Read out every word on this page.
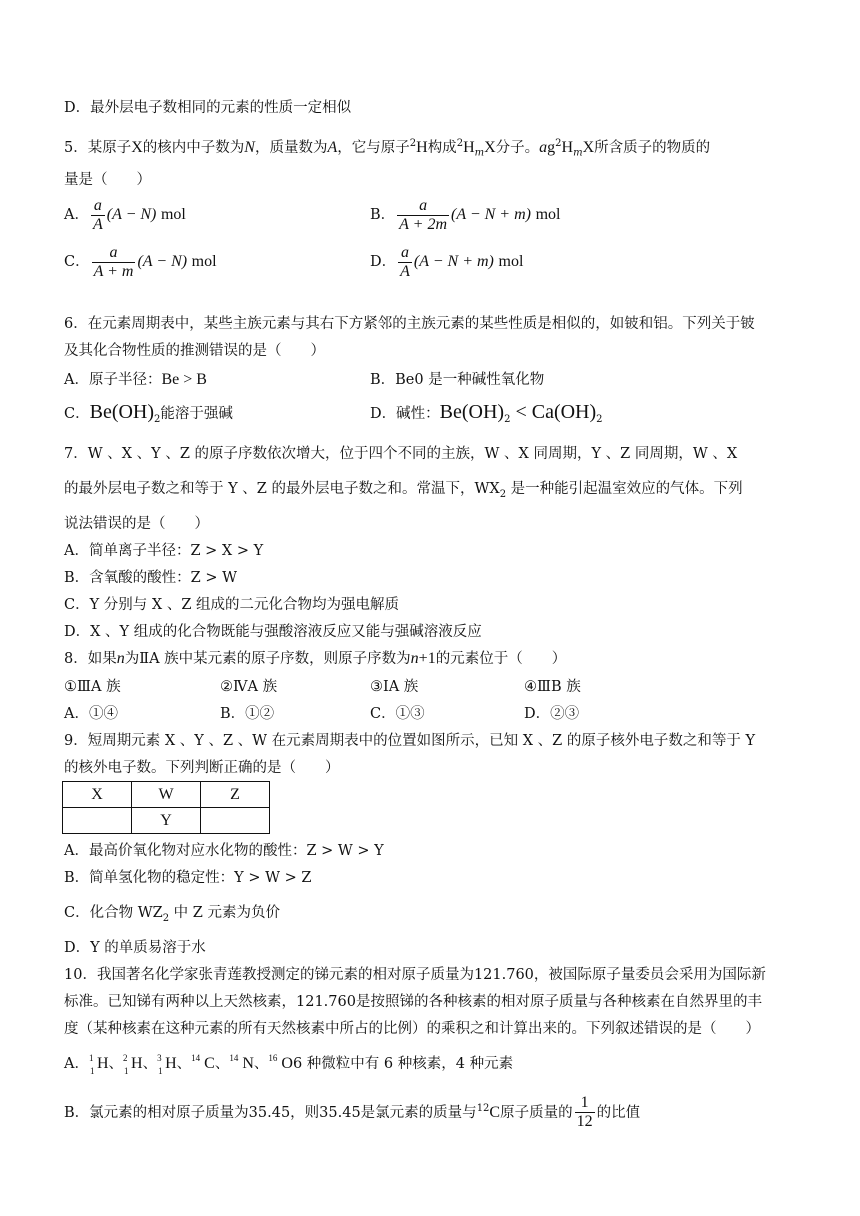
D．最外层电子数相同的元素的性质一定相似
5．某原子X的核内中子数为N，质量数为A，它与原子$^2$H构成$^2H_mX$分子。$ag^2H_mX$所含质子的物质的
量是（　　）
A． $\frac{a}{A} (A - N)$ mol	B． $\frac{a}{A + 2m} (A - N + m)$ mol
C． $\frac{a}{A + m} (A - N)$ mol	D． $\frac{a}{A} (A - N + m)$ mol
6．在元素周期表中，某些主族元素与其右下方紧邻的主族元素的某些性质是相似的，如铍和铝。下列关于铍
及其化合物性质的推测错误的是（　　）
A．原子半径：Be > B	B．Be0 是一种碱性氧化物
C．$Be(OH)_2$能溶于强碱	D．碱性：$Be(OH)_2 < Ca(OH)_2$
7．W 、X 、Y 、Z 的原子序数依次增大，位于四个不同的主族，W 、X 同周期，Y 、Z 同周期，W 、X
的最外层电子数之和等于 Y 、Z 的最外层电子数之和。常温下，$WX_2$ 是一种能引起温室效应的气体。下列
说法错误的是（　　）
A．简单离子半径：Z > X > Y
B．含氧酸的酸性：Z > W
C．Y 分别与 X 、Z 组成的二元化合物均为强电解质
D．X 、Y 组成的化合物既能与强酸溶液反应又能与强碱溶液反应
8．如果n为ⅡA 族中某元素的原子序数，则原子序数为n+1的元素位于（　　）
①ⅢA 族	②ⅣA 族	③ⅠA 族	④ⅢB 族
A．①④	B．①②	C．①③	D．②③
9．短周期元素 X 、Y 、Z 、W 在元素周期表中的位置如图所示，已知 X 、Z 的原子核外电子数之和等于 Y
X	W	Z
	Y	
的核外电子数。下列判断正确的是（　　）
A．最高价氧化物对应水化物的酸性：Z > W > Y
B．简单氢化物的稳定性：Y > W > Z
C．化合物 $WZ_2$ 中 Z 元素为负价
D．Y 的单质易溶于水
10．我国著名化学家张青莲教授测定的锑元素的相对原子质量为121.760，被国际原子量委员会采用为国际新
标准。已知锑有两种以上天然核素，121.760是按照锑的各种核素的相对原子质量与各种核素在自然界里的丰
度（某种核素在这种元素的所有天然核素中所占的比例）的乘积之和计算出来的。下列叙述错误的是（　　）
A． 1
1 H、 2
1 H、 3
1 H、 14 C、 14 N、 16 O6 种微粒中有 6 种核素，4 种元素
B．氯元素的相对原子质量为35.45，则35.45是氯元素的质量与$^{12}$C原子质量的 $\frac{1}{12}$ 的比值
